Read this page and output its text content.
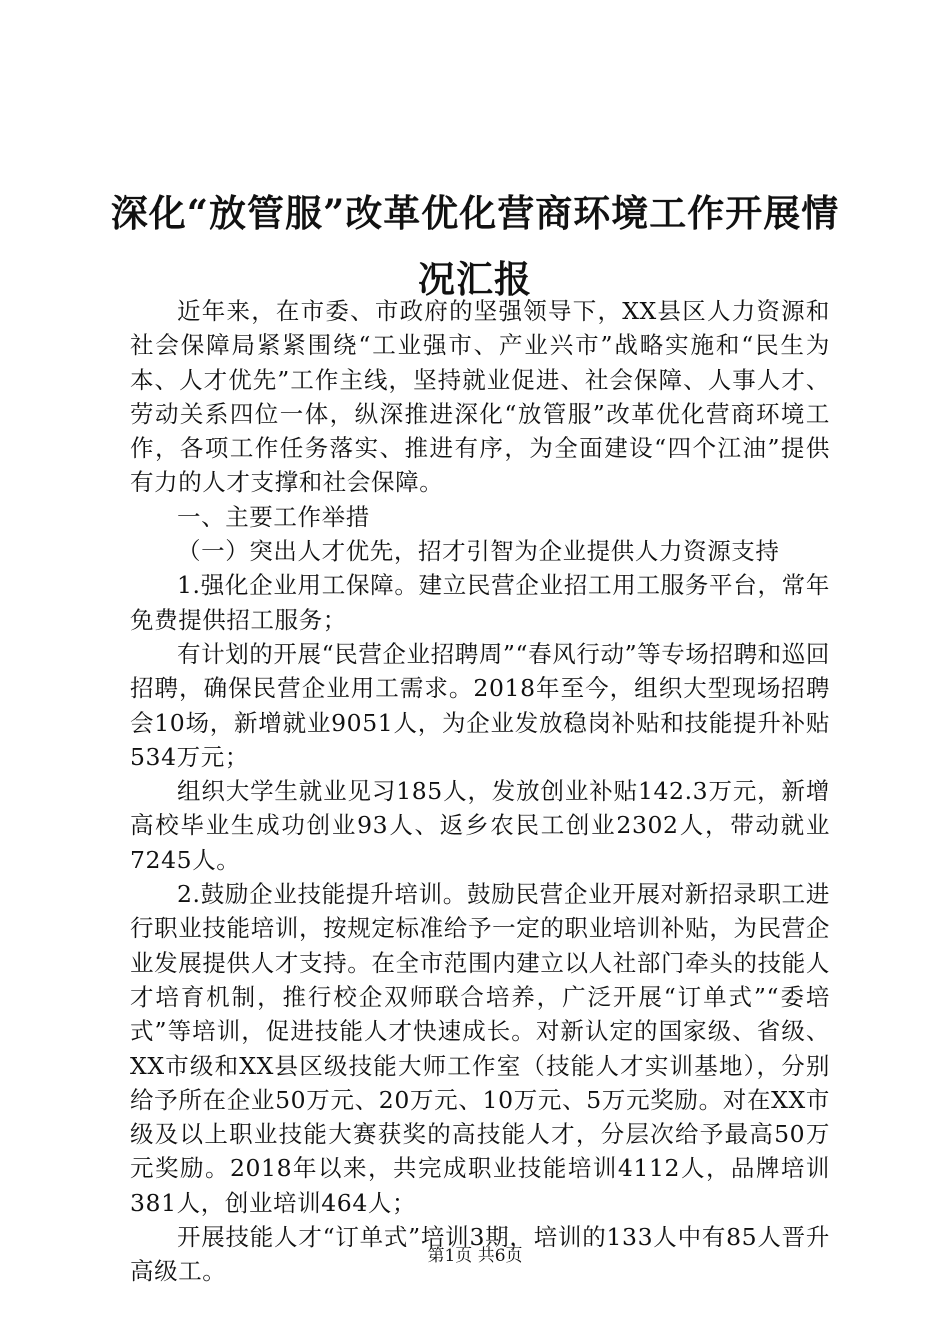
深化“放管服”改革优化营商环境工作开展情况汇报

近年来，在市委、市政府的坚强领导下，XX县区人力资源和社会保障局紧紧围绕“工业强市、产业兴市”战略实施和“民生为本、人才优先”工作主线，坚持就业促进、社会保障、人事人才、劳动关系四位一体，纵深推进深化“放管服”改革优化营商环境工作，各项工作任务落实、推进有序，为全面建设“四个江油”提供有力的人才支撑和社会保障。

一、主要工作举措

（一）突出人才优先，招才引智为企业提供人力资源支持

1.强化企业用工保障。建立民营企业招工用工服务平台，常年免费提供招工服务；

有计划的开展“民营企业招聘周”“春风行动”等专场招聘和巡回招聘，确保民营企业用工需求。2018年至今，组织大型现场招聘会10场，新增就业9051人，为企业发放稳岗补贴和技能提升补贴534万元；

组织大学生就业见习185人，发放创业补贴142.3万元，新增高校毕业生成功创业93人、返乡农民工创业2302人，带动就业7245人。

2.鼓励企业技能提升培训。鼓励民营企业开展对新招录职工进行职业技能培训，按规定标准给予一定的职业培训补贴，为民营企业发展提供人才支持。在全市范围内建立以人社部门牵头的技能人才培育机制，推行校企双师联合培养，广泛开展“订单式”“委培式”等培训，促进技能人才快速成长。对新认定的国家级、省级、XX市级和XX县区级技能大师工作室（技能人才实训基地），分别给予所在企业50万元、20万元、10万元、5万元奖励。对在XX市级及以上职业技能大赛获奖的高技能人才，分层次给予最高50万元奖励。2018年以来，共完成职业技能培训4112人，品牌培训381人，创业培训464人；

开展技能人才“订单式”培训3期，培训的133人中有85人晋升高级工。

第1页 共6页
